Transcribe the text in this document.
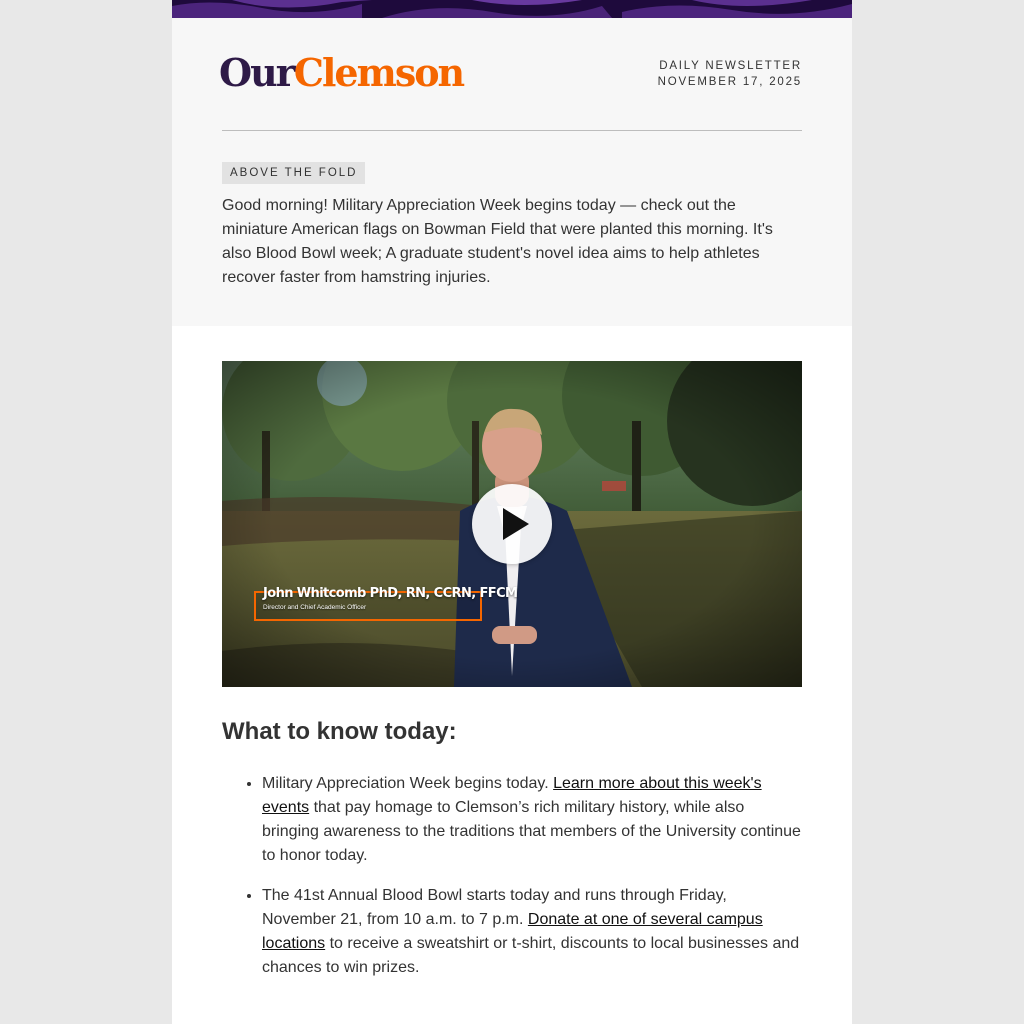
OurClemson	DAILY NEWSLETTER
NOVEMBER 17, 2025
ABOVE THE FOLD

Good morning! Military Appreciation Week begins today — check out the miniature American flags on Bowman Field that were planted this morning. It's also Blood Bowl week; A graduate student's novel idea aims to help athletes recover faster from hamstring injuries.

John Whitcomb PhD, RN, CCRN, FFCM
Director and Chief Academic Officer
What to know today:
• Military Appreciation Week begins today. Learn more about this week's events that pay homage to Clemson’s rich military history, while also bringing awareness to the traditions that members of the University continue to honor today.
• The 41st Annual Blood Bowl starts today and runs through Friday, November 21, from 10 a.m. to 7 p.m. Donate at one of several campus locations to receive a sweatshirt or t-shirt, discounts to local businesses and chances to win prizes.
